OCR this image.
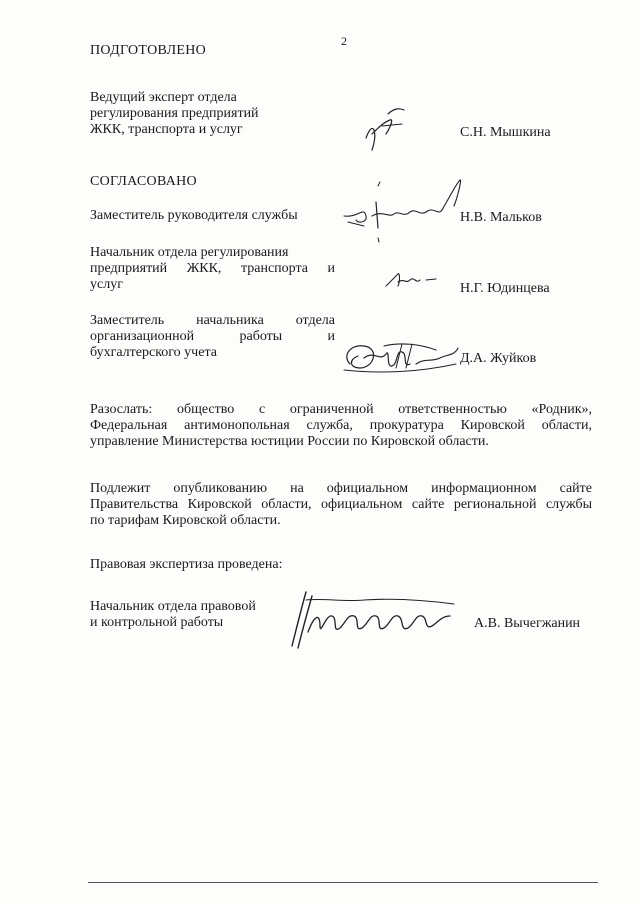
2
ПОДГОТОВЛЕНО
Ведущий эксперт отдела
регулирования предприятий
ЖКК, транспорта и услуг	С.Н. Мышкина
СОГЛАСОВАНО
Заместитель руководителя службы	Н.В. Мальков
Начальник отдела регулирования
предприятий ЖКК, транспорта и
услуг	Н.Г. Юдинцева
Заместитель начальника отдела
организационной работы и
бухгалтерского учета	Д.А. Жуйков
Разослать: общество с ограниченной ответственностью «Родник»,
Федеральная антимонопольная служба, прокуратура Кировской области,
управление Министерства юстиции России по Кировской области.
Подлежит опубликованию на официальном информационном сайте
Правительства Кировской области, официальном сайте региональной службы
по тарифам Кировской области.
Правовая экспертиза проведена:
Начальник отдела правовой
и контрольной работы	А.В. Вычегжанин
